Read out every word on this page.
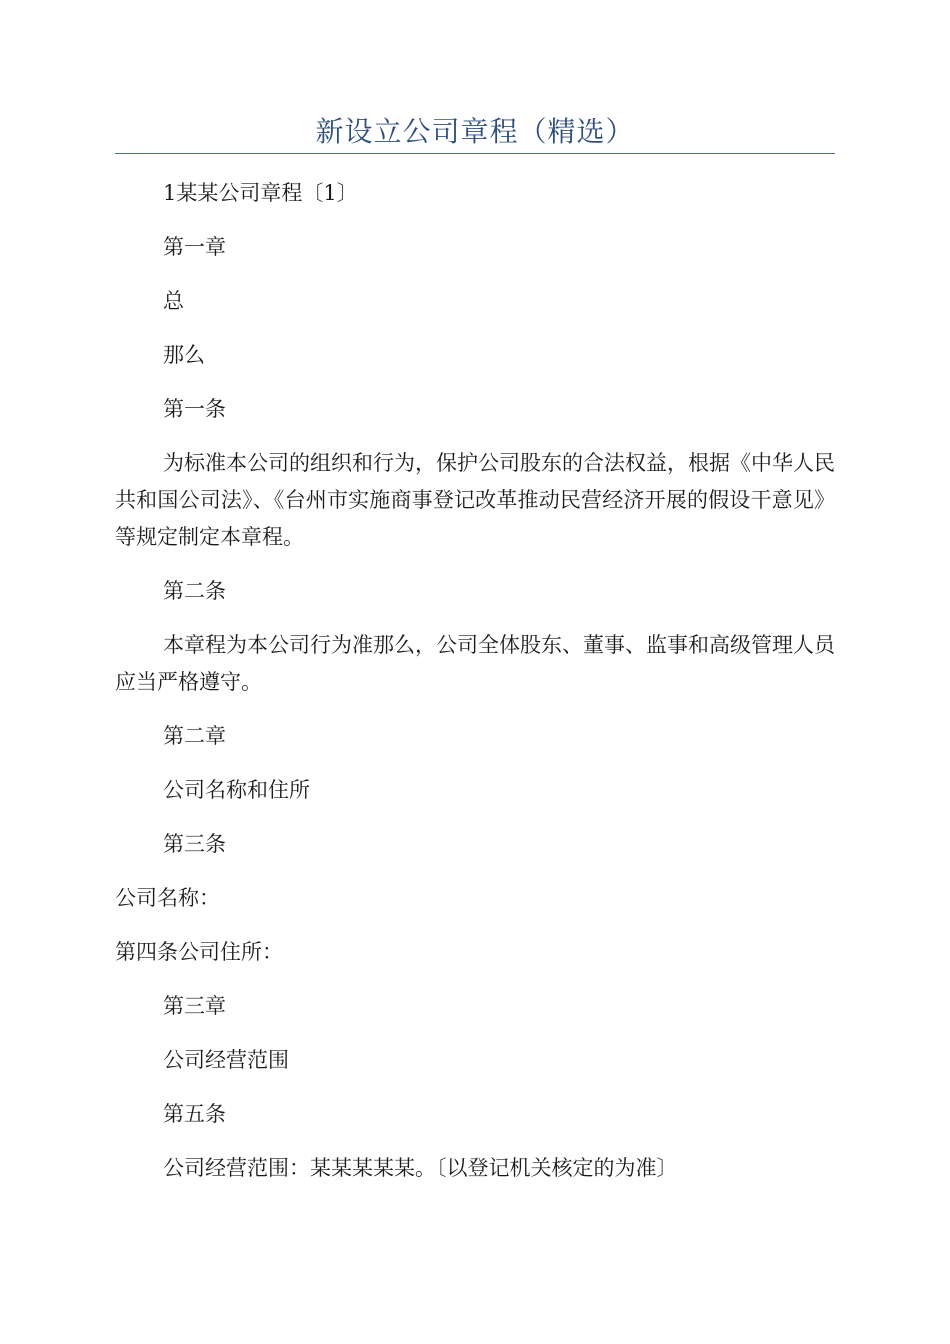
新设立公司章程（精选）

1某某公司章程〔1〕

第一章

总

那么

第一条

为标准本公司的组织和行为，保护公司股东的合法权益，根据《中华人民共和国公司法》、《台州市实施商事登记改革推动民营经济开展的假设干意见》等规定制定本章程。

第二条

本章程为本公司行为准那么，公司全体股东、董事、监事和高级管理人员应当严格遵守。

第二章

公司名称和住所

第三条

公司名称：

第四条公司住所：

第三章

公司经营范围

第五条

公司经营范围：某某某某某。〔以登记机关核定的为准〕
